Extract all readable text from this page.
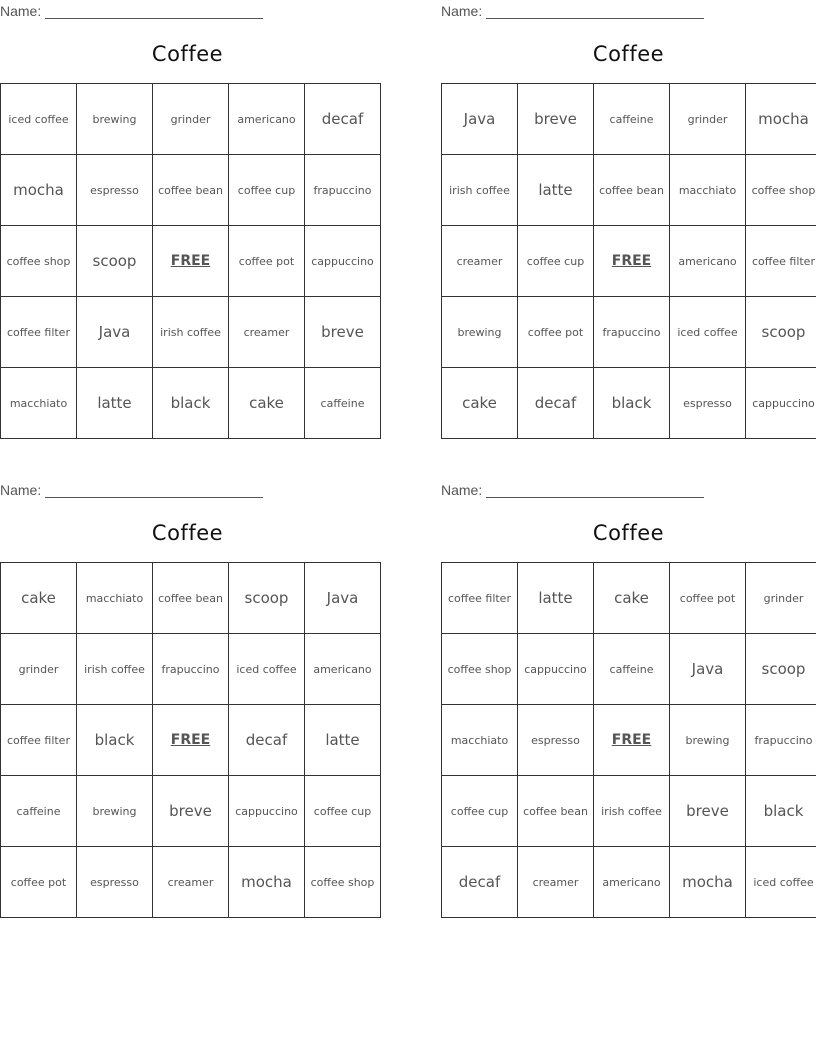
Name:
Coffee
iced coffee	brewing	grinder	americano	decaf
mocha	espresso	coffee bean	coffee cup	frapuccino
coffee shop	scoop	FREE	coffee pot	cappuccino
coffee filter	Java	irish coffee	creamer	breve
macchiato	latte	black	cake	caffeine
Name:
Coffee
Java	breve	caffeine	grinder	mocha
irish coffee	latte	coffee bean	macchiato	coffee shop
creamer	coffee cup	FREE	americano	coffee filter
brewing	coffee pot	frapuccino	iced coffee	scoop
cake	decaf	black	espresso	cappuccino
Name:
Coffee
cake	macchiato	coffee bean	scoop	Java
grinder	irish coffee	frapuccino	iced coffee	americano
coffee filter	black	FREE	decaf	latte
caffeine	brewing	breve	cappuccino	coffee cup
coffee pot	espresso	creamer	mocha	coffee shop
Name:
Coffee
coffee filter	latte	cake	coffee pot	grinder
coffee shop	cappuccino	caffeine	Java	scoop
macchiato	espresso	FREE	brewing	frapuccino
coffee cup	coffee bean	irish coffee	breve	black
decaf	creamer	americano	mocha	iced coffee
